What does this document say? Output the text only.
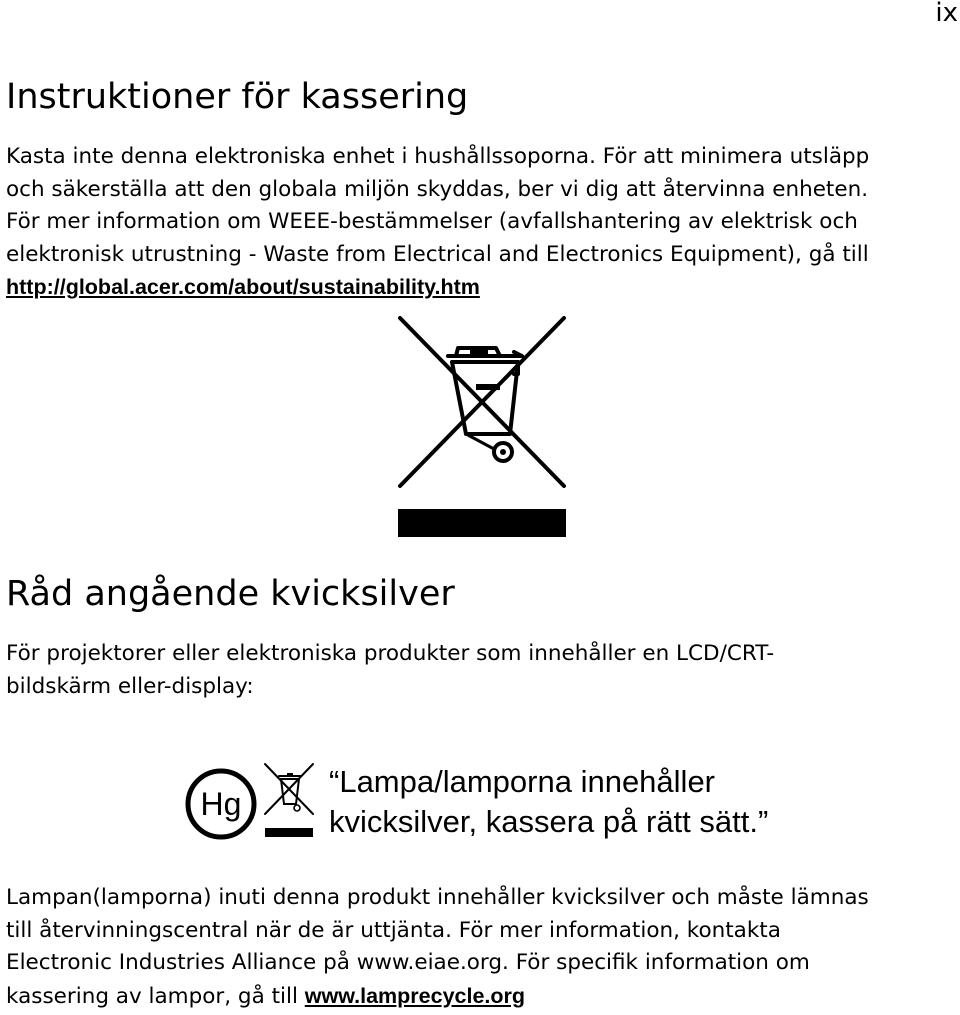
ix
Instruktioner för kassering

Kasta inte denna elektroniska enhet i hushållssoporna. För att minimera utsläpp
och säkerställa att den globala miljön skyddas, ber vi dig att återvinna enheten.
För mer information om WEEE-bestämmelser (avfallshantering av elektrisk och
elektronisk utrustning - Waste from Electrical and Electronics Equipment), gå till
http://global.acer.com/about/sustainability.htm

Råd angående kvicksilver

För projektorer eller elektroniska produkter som innehåller en LCD/CRT-
bildskärm eller-display:

Hg
“Lampa/lamporna innehåller
kvicksilver, kassera på rätt sätt.”

Lampan(lamporna) inuti denna produkt innehåller kvicksilver och måste lämnas
till återvinningscentral när de är uttjänta. För mer information, kontakta
Electronic Industries Alliance på www.eiae.org. För specifik information om
kassering av lampor, gå till www.lamprecycle.org
